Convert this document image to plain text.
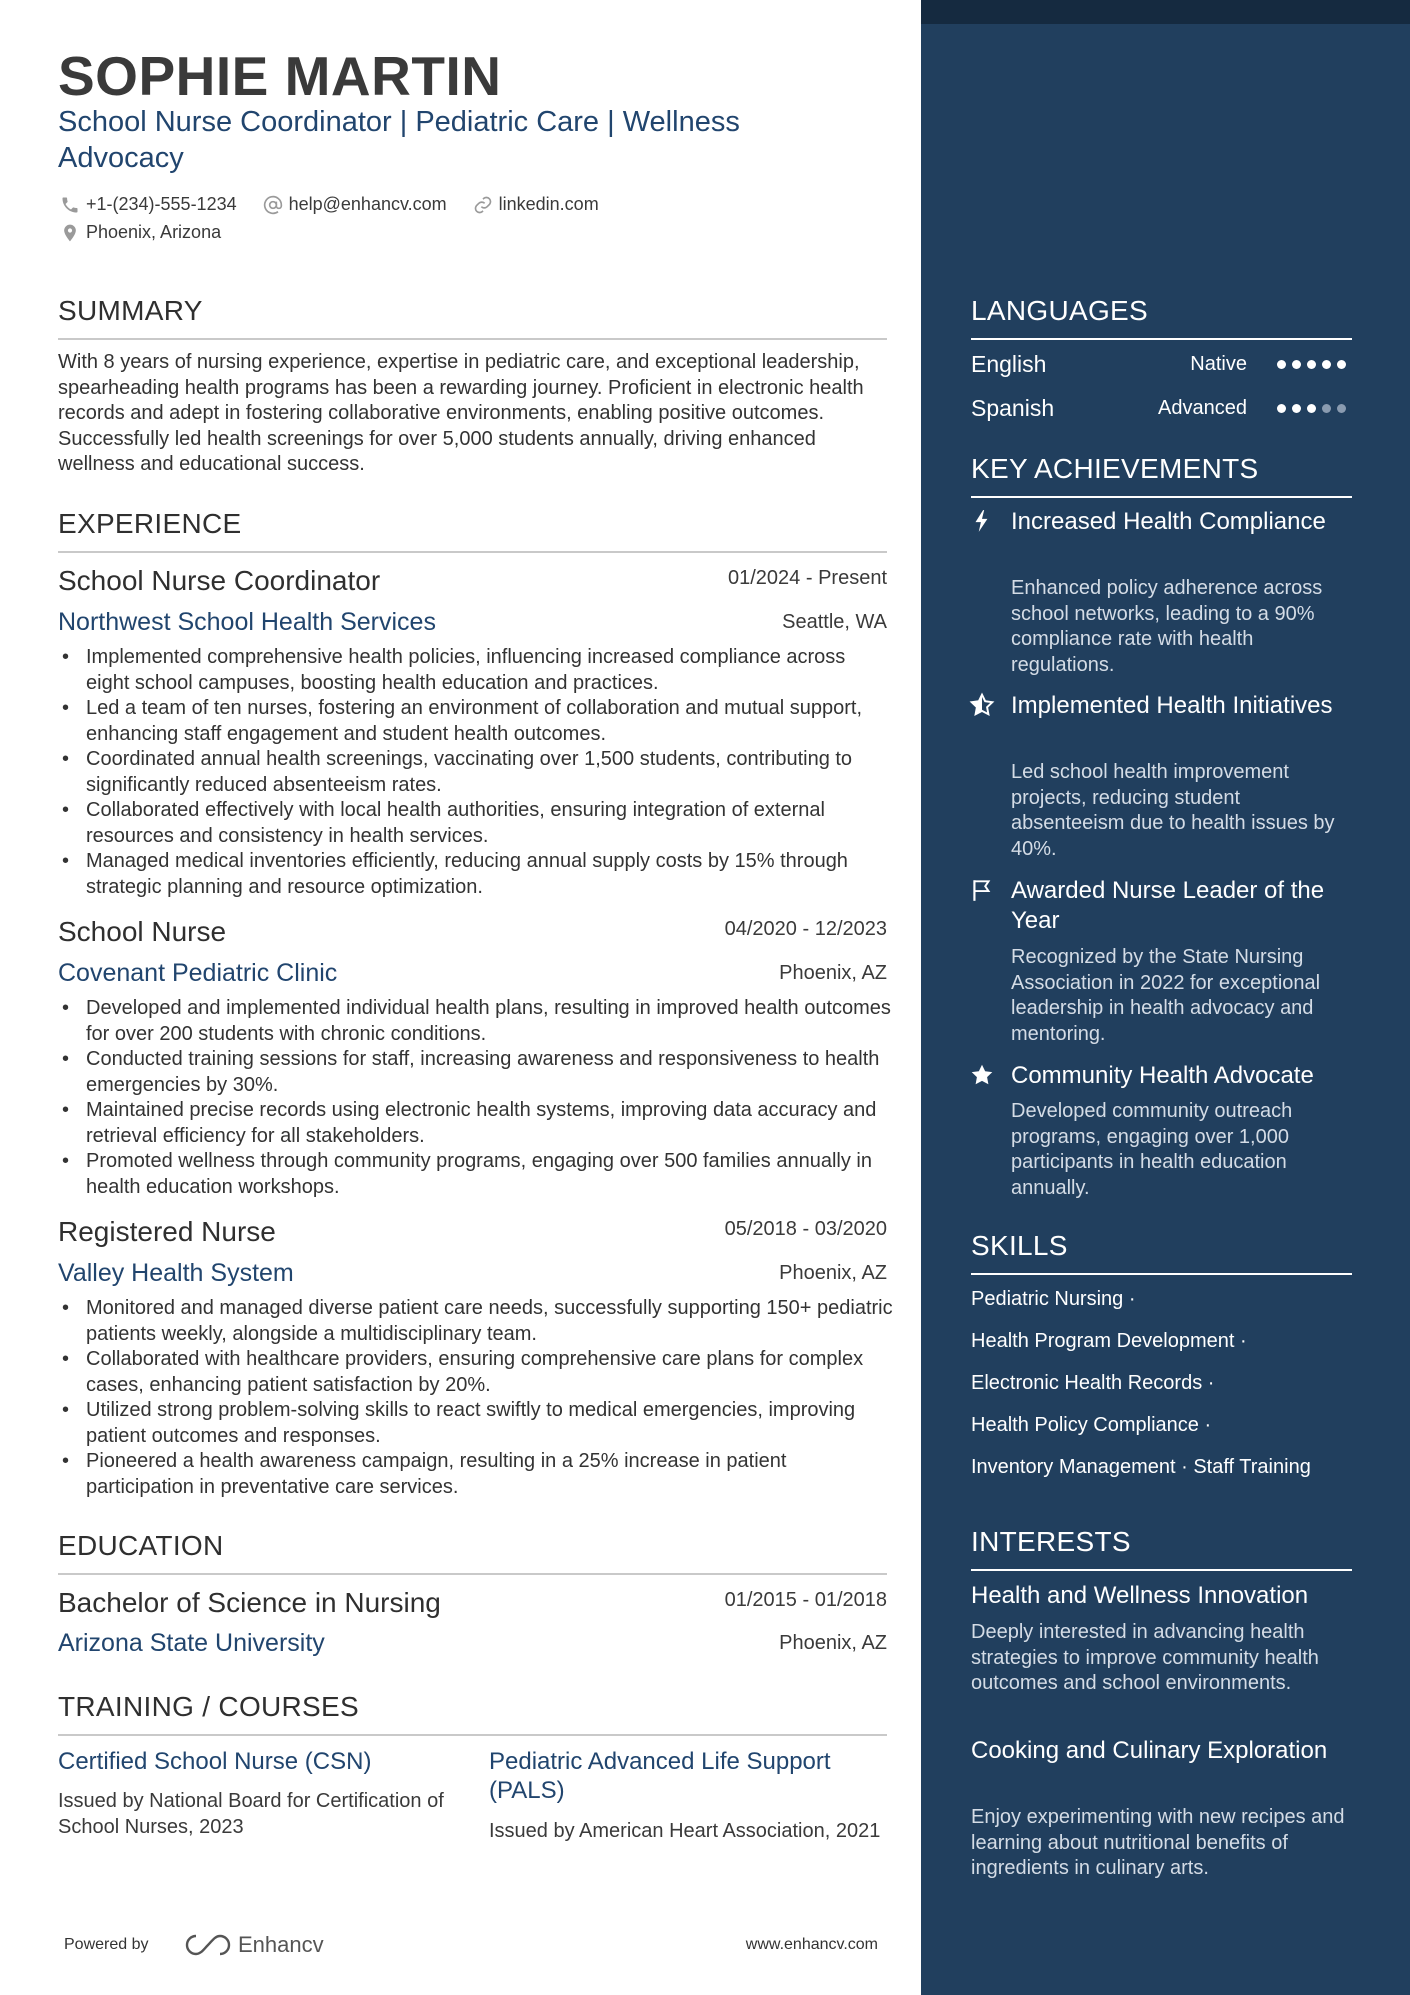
SOPHIE MARTIN
School Nurse Coordinator | Pediatric Care | Wellness Advocacy
+1-(234)-555-1234	help@enhancv.com	linkedin.com
Phoenix, Arizona
SUMMARY
With 8 years of nursing experience, expertise in pediatric care, and exceptional leadership, spearheading health programs has been a rewarding journey. Proficient in electronic health records and adept in fostering collaborative environments, enabling positive outcomes. Successfully led health screenings for over 5,000 students annually, driving enhanced wellness and educational success.
EXPERIENCE
School Nurse Coordinator	01/2024 - Present
Northwest School Health Services	Seattle, WA
• Implemented comprehensive health policies, influencing increased compliance across eight school campuses, boosting health education and practices.
• Led a team of ten nurses, fostering an environment of collaboration and mutual support, enhancing staff engagement and student health outcomes.
• Coordinated annual health screenings, vaccinating over 1,500 students, contributing to significantly reduced absenteeism rates.
• Collaborated effectively with local health authorities, ensuring integration of external resources and consistency in health services.
• Managed medical inventories efficiently, reducing annual supply costs by 15% through strategic planning and resource optimization.
School Nurse	04/2020 - 12/2023
Covenant Pediatric Clinic	Phoenix, AZ
• Developed and implemented individual health plans, resulting in improved health outcomes for over 200 students with chronic conditions.
• Conducted training sessions for staff, increasing awareness and responsiveness to health emergencies by 30%.
• Maintained precise records using electronic health systems, improving data accuracy and retrieval efficiency for all stakeholders.
• Promoted wellness through community programs, engaging over 500 families annually in health education workshops.
Registered Nurse	05/2018 - 03/2020
Valley Health System	Phoenix, AZ
• Monitored and managed diverse patient care needs, successfully supporting 150+ pediatric patients weekly, alongside a multidisciplinary team.
• Collaborated with healthcare providers, ensuring comprehensive care plans for complex cases, enhancing patient satisfaction by 20%.
• Utilized strong problem-solving skills to react swiftly to medical emergencies, improving patient outcomes and responses.
• Pioneered a health awareness campaign, resulting in a 25% increase in patient participation in preventative care services.
EDUCATION
Bachelor of Science in Nursing	01/2015 - 01/2018
Arizona State University	Phoenix, AZ
TRAINING / COURSES
Certified School Nurse (CSN)
Issued by National Board for Certification of School Nurses, 2023
Pediatric Advanced Life Support (PALS)
Issued by American Heart Association, 2021
Powered by	Enhancv	www.enhancv.com
LANGUAGES
English	Native
Spanish	Advanced
KEY ACHIEVEMENTS
Increased Health Compliance
Enhanced policy adherence across school networks, leading to a 90% compliance rate with health regulations.
Implemented Health Initiatives
Led school health improvement projects, reducing student absenteeism due to health issues by 40%.
Awarded Nurse Leader of the Year
Recognized by the State Nursing Association in 2022 for exceptional leadership in health advocacy and mentoring.
Community Health Advocate
Developed community outreach programs, engaging over 1,000 participants in health education annually.
SKILLS
Pediatric Nursing ·
Health Program Development ·
Electronic Health Records ·
Health Policy Compliance ·
Inventory Management · Staff Training
INTERESTS
Health and Wellness Innovation
Deeply interested in advancing health strategies to improve community health outcomes and school environments.
Cooking and Culinary Exploration
Enjoy experimenting with new recipes and learning about nutritional benefits of ingredients in culinary arts.
